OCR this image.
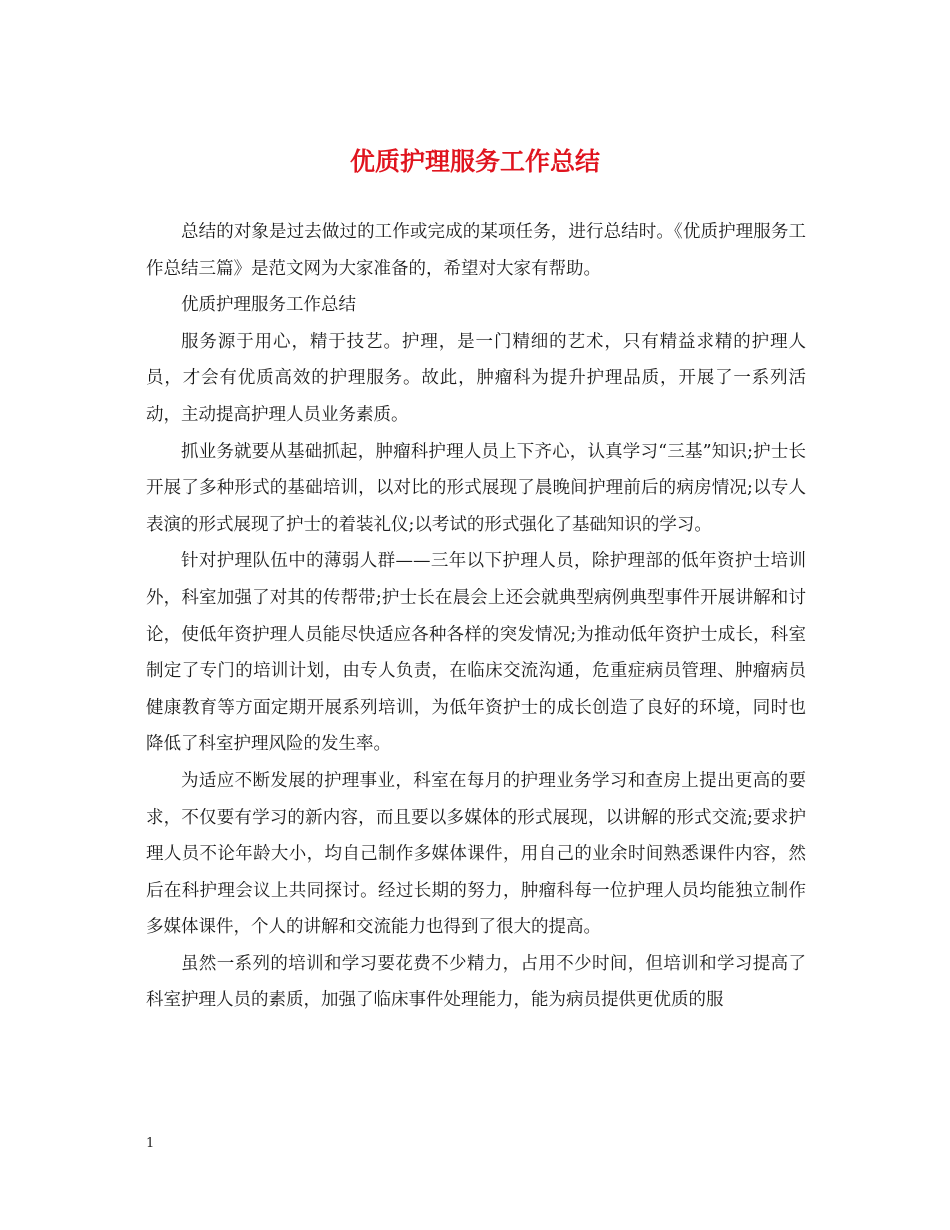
优质护理服务工作总结

总结的对象是过去做过的工作或完成的某项任务，进行总结时。《优质护理服务工作总结三篇》是范文网为大家准备的，希望对大家有帮助。

优质护理服务工作总结

服务源于用心，精于技艺。护理，是一门精细的艺术，只有精益求精的护理人员，才会有优质高效的护理服务。故此，肿瘤科为提升护理品质，开展了一系列活动，主动提高护理人员业务素质。

抓业务就要从基础抓起，肿瘤科护理人员上下齐心，认真学习“三基”知识;护士长开展了多种形式的基础培训，以对比的形式展现了晨晚间护理前后的病房情况;以专人表演的形式展现了护士的着装礼仪;以考试的形式强化了基础知识的学习。

针对护理队伍中的薄弱人群——三年以下护理人员，除护理部的低年资护士培训外，科室加强了对其的传帮带;护士长在晨会上还会就典型病例典型事件开展讲解和讨论，使低年资护理人员能尽快适应各种各样的突发情况;为推动低年资护士成长，科室制定了专门的培训计划，由专人负责，在临床交流沟通，危重症病员管理、肿瘤病员健康教育等方面定期开展系列培训，为低年资护士的成长创造了良好的环境，同时也降低了科室护理风险的发生率。

为适应不断发展的护理事业，科室在每月的护理业务学习和查房上提出更高的要求，不仅要有学习的新内容，而且要以多媒体的形式展现，以讲解的形式交流;要求护理人员不论年龄大小，均自己制作多媒体课件，用自己的业余时间熟悉课件内容，然后在科护理会议上共同探讨。经过长期的努力，肿瘤科每一位护理人员均能独立制作多媒体课件，个人的讲解和交流能力也得到了很大的提高。

虽然一系列的培训和学习要花费不少精力，占用不少时间，但培训和学习提高了科室护理人员的素质，加强了临床事件处理能力，能为病员提供更优质的服

1
